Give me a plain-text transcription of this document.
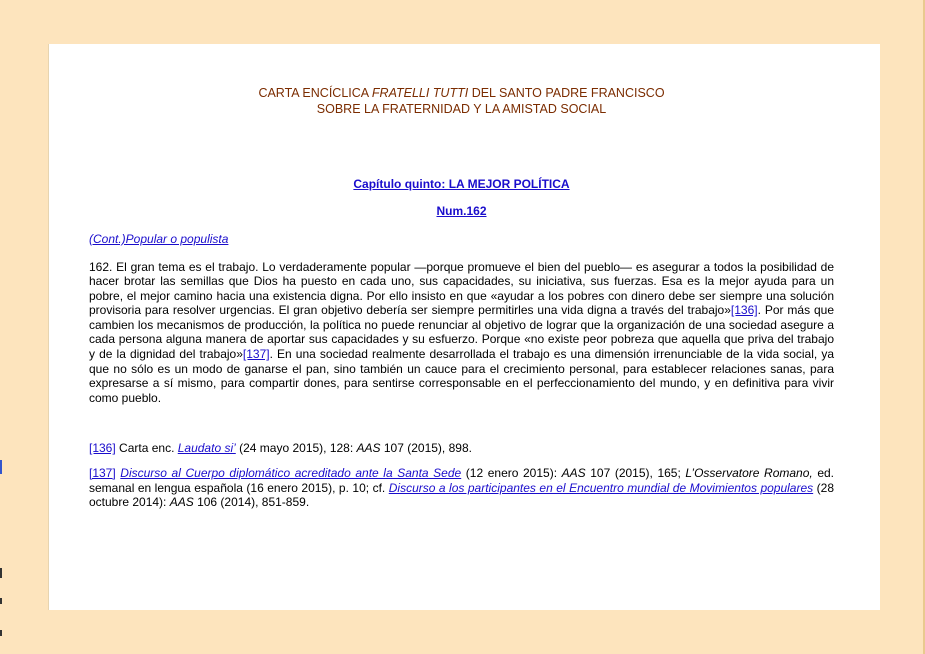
CARTA ENCÍCLICA FRATELLI TUTTI DEL SANTO PADRE FRANCISCO
SOBRE LA FRATERNIDAD Y LA AMISTAD SOCIAL
Capítulo quinto: LA MEJOR POLÍTICA
Num.162
(Cont.)Popular o populista
162. El gran tema es el trabajo. Lo verdaderamente popular —porque promueve el bien del pueblo— es asegurar a todos la posibilidad de hacer brotar las semillas que Dios ha puesto en cada uno, sus capacidades, su iniciativa, sus fuerzas. Esa es la mejor ayuda para un pobre, el mejor camino hacia una existencia digna. Por ello insisto en que «ayudar a los pobres con dinero debe ser siempre una solución provisoria para resolver urgencias. El gran objetivo debería ser siempre permitirles una vida digna a través del trabajo»[136]. Por más que cambien los mecanismos de producción, la política no puede renunciar al objetivo de lograr que la organización de una sociedad asegure a cada persona alguna manera de aportar sus capacidades y su esfuerzo. Porque «no existe peor pobreza que aquella que priva del trabajo y de la dignidad del trabajo»[137]. En una sociedad realmente desarrollada el trabajo es una dimensión irrenunciable de la vida social, ya que no sólo es un modo de ganarse el pan, sino también un cauce para el crecimiento personal, para establecer relaciones sanas, para expresarse a sí mismo, para compartir dones, para sentirse corresponsable en el perfeccionamiento del mundo, y en definitiva para vivir como pueblo.
[136] Carta enc. Laudato si’ (24 mayo 2015), 128: AAS 107 (2015), 898.
[137] Discurso al Cuerpo diplomático acreditado ante la Santa Sede (12 enero 2015): AAS 107 (2015), 165; L’Osservatore Romano, ed. semanal en lengua española (16 enero 2015), p. 10; cf. Discurso a los participantes en el Encuentro mundial de Movimientos populares (28 octubre 2014): AAS 106 (2014), 851-859.
